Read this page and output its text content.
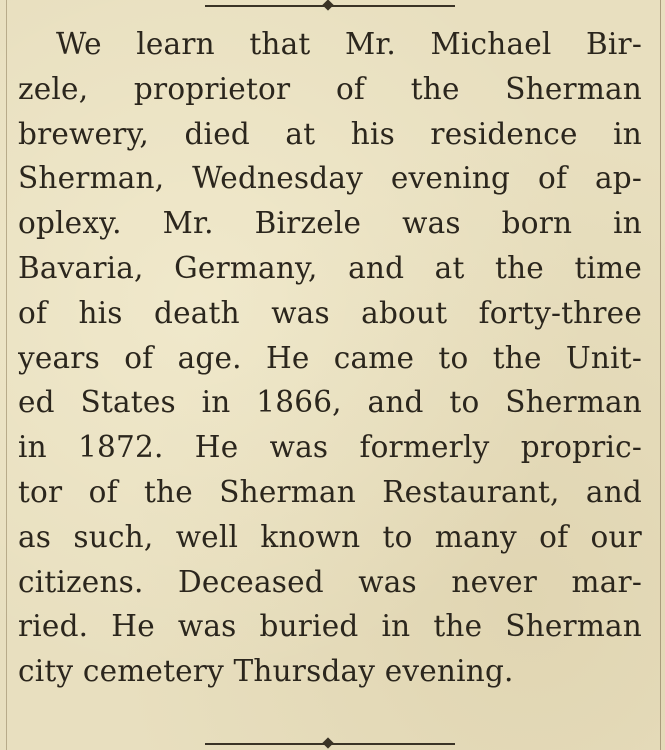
We learn that Mr. Michael Bir-
zele, proprietor of the Sherman
brewery, died at his residence in
Sherman, Wednesday evening of ap-
oplexy. Mr. Birzele was born in
Bavaria, Germany, and at the time
of his death was about forty-three
years of age. He came to the Unit-
ed States in 1866, and to Sherman
in 1872. He was formerly propric-
tor of the Sherman Restaurant, and
as such, well known to many of our
citizens. Deceased was never mar-
ried. He was buried in the Sherman
city cemetery Thursday evening.
